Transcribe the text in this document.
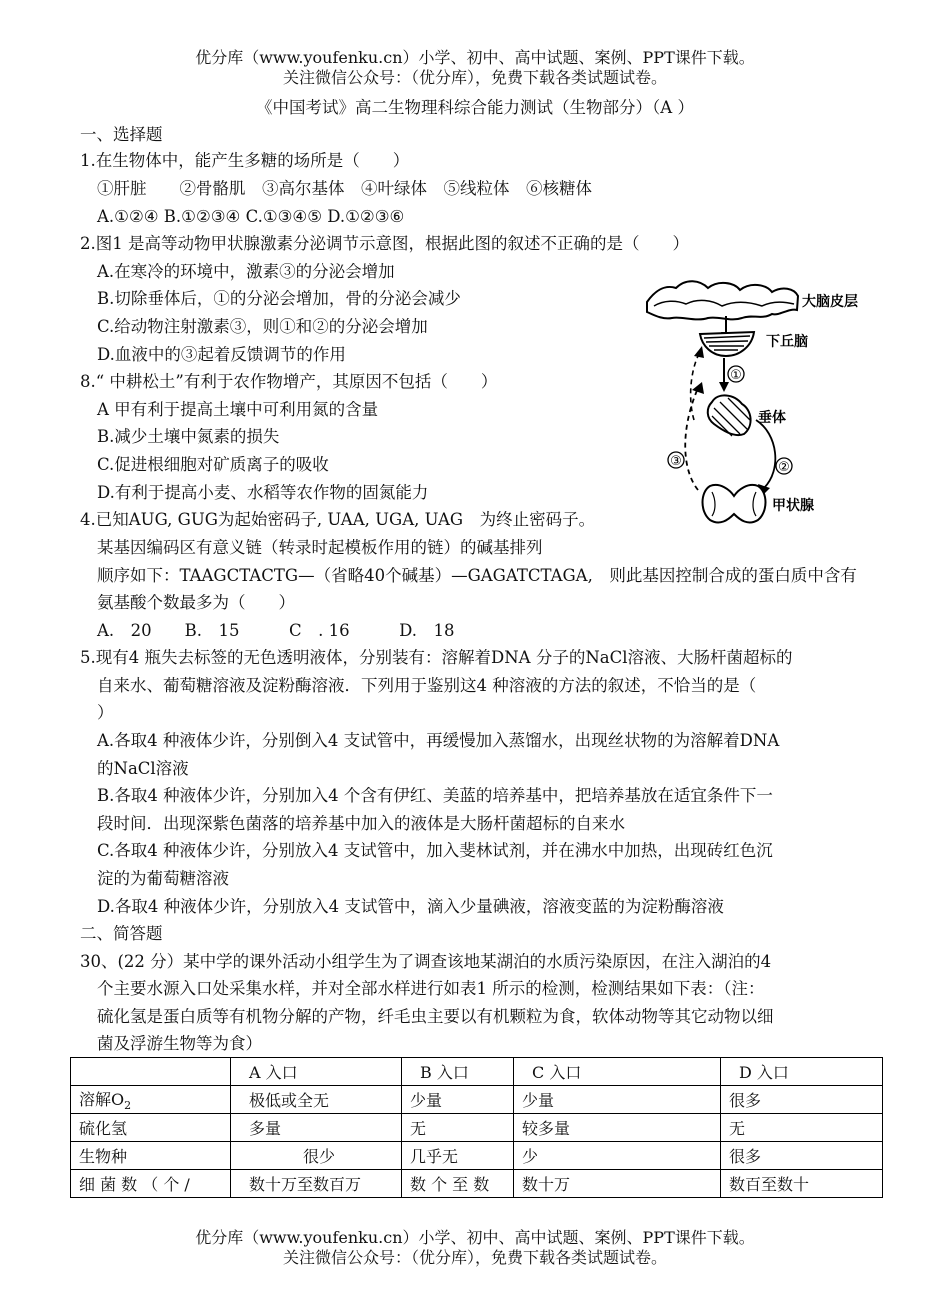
优分库（www.youfenku.cn）小学、初中、高中试题、案例、PPT课件下载。
关注微信公众号：（优分库），免费下载各类试题试卷。
《中国考试》高二生物理科综合能力测试（生物部分）（A ）
一、选择题
1.在生物体中，能产生多糖的场所是（　　）
①肝脏　　②骨骼肌　③高尔基体　④叶绿体　⑤线粒体　⑥核糖体
A.①②④ B.①②③④ C.①③④⑤ D.①②③⑥
2.图1 是高等动物甲状腺激素分泌调节示意图，根据此图的叙述不正确的是（　　）
A.在寒冷的环境中，激素③的分泌会增加
B.切除垂体后，①的分泌会增加，骨的分泌会减少
C.给动物注射激素③，则①和②的分泌会增加
D.血液中的③起着反馈调节的作用
8.“ 中耕松土”有利于农作物增产，其原因不包括（　　）
A 甲有利于提高土壤中可利用氮的含量
B.减少土壤中氮素的损失
C.促进根细胞对矿质离子的吸收
D.有利于提高小麦、水稻等农作物的固氮能力
4.已知AUG, GUG为起始密码子, UAA, UGA, UAG　为终止密码子。
某基因编码区有意义链（转录时起模板作用的链）的碱基排列
顺序如下：TAAGCTACTG—（省略40个碱基）—GAGATCTAGA,　则此基因控制合成的蛋白质中含有
氨基酸个数最多为（　　）
A.　20　　B.　15　　　C　. 16　　　D.　18
5.现有4 瓶失去标签的无色透明液体，分别装有：溶解着DNA 分子的NaCl溶液、大肠杆菌超标的
自来水、葡萄糖溶液及淀粉酶溶液．下列用于鉴别这4 种溶液的方法的叙述，不恰当的是（
）
A.各取4 种液体少许，分别倒入4 支试管中，再缓慢加入蒸馏水，出现丝状物的为溶解着DNA
的NaCl溶液
B.各取4 种液体少许，分别加入4 个含有伊红、美蓝的培养基中，把培养基放在适宜条件下一
段时间．出现深紫色菌落的培养基中加入的液体是大肠杆菌超标的自来水
C.各取4 种液体少许，分别放入4 支试管中，加入斐林试剂，并在沸水中加热，出现砖红色沉
淀的为葡萄糖溶液
D.各取4 种液体少许，分别放入4 支试管中，滴入少量碘液，溶液变蓝的为淀粉酶溶液
二、简答题
30、(22 分）某中学的课外活动小组学生为了调查该地某湖泊的水质污染原因，在注入湖泊的4
个主要水源入口处采集水样，并对全部水样进行如表1 所示的检测，检测结果如下表：（注：
硫化氢是蛋白质等有机物分解的产物，纤毛虫主要以有机颗粒为食，软体动物等其它动物以细
菌及浮游生物等为食）
大脑皮层
下丘脑
①
垂体
②
③
甲状腺
	A 入口	B 入口	C 入口	D 入口
溶解$O_2$	极低或全无	少量	少量	很多
硫化氢	多量	无	较多量	无
生物种	很少	几乎无	少	很多
细 菌 数 （ 个 /	数十万至数百万	数 个 至 数	数十万	数百至数十
优分库（www.youfenku.cn）小学、初中、高中试题、案例、PPT课件下载。
关注微信公众号：（优分库），免费下载各类试题试卷。
